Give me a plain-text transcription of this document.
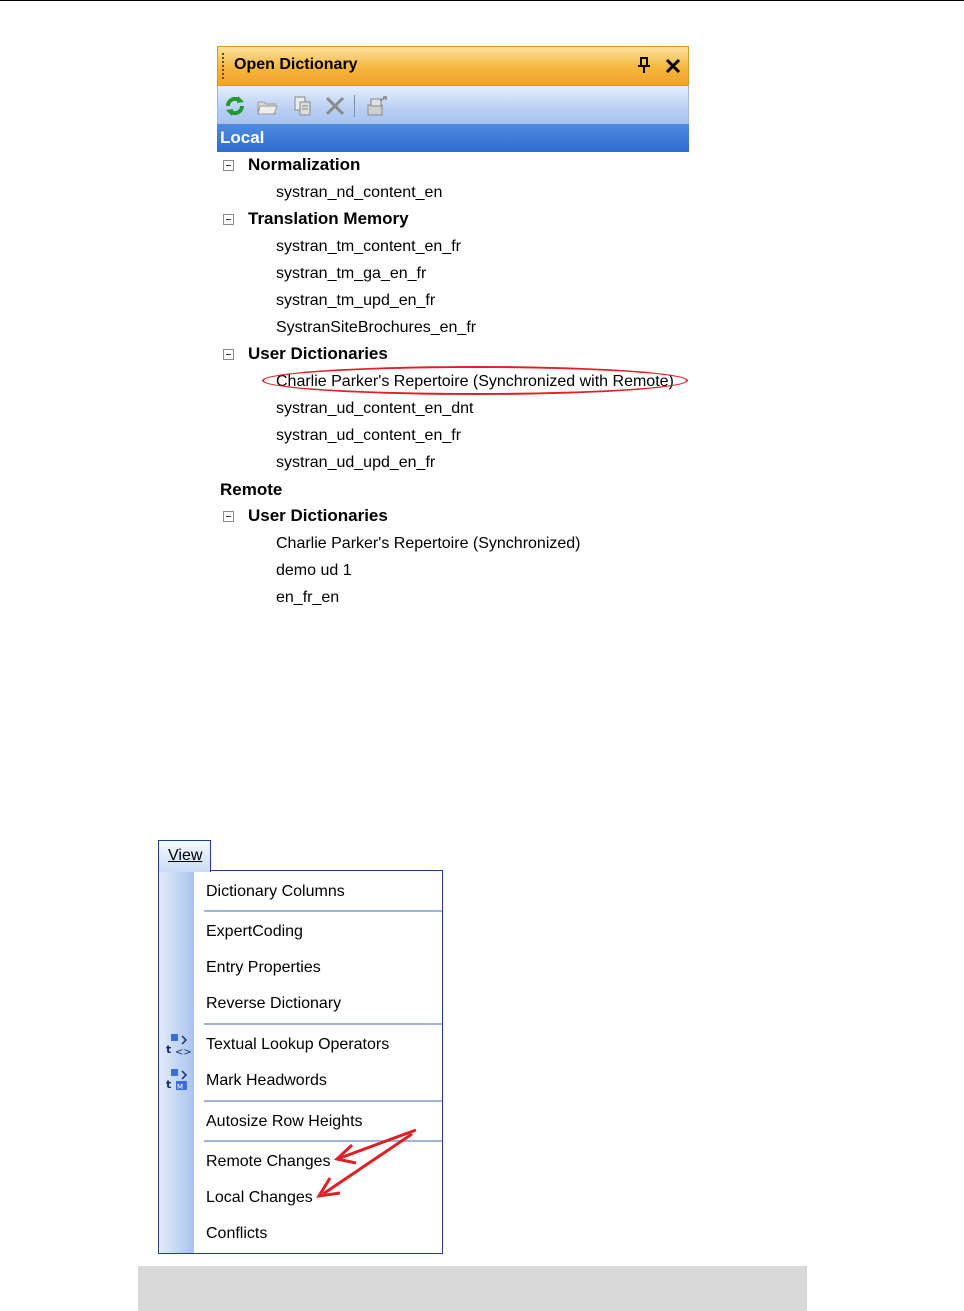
Open Dictionary
Local
Normalization
systran_nd_content_en
Translation Memory
systran_tm_content_en_fr
systran_tm_ga_en_fr
systran_tm_upd_en_fr
SystranSiteBrochures_en_fr
User Dictionaries
Charlie Parker's Repertoire (Synchronized with Remote)
systran_ud_content_en_dnt
systran_ud_content_en_fr
systran_ud_upd_en_fr
Remote
User Dictionaries
Charlie Parker's Repertoire (Synchronized)
demo ud 1
en_fr_en
View
Dictionary Columns
ExpertCoding
Entry Properties
Reverse Dictionary
t <> Textual Lookup Operators
t M Mark Headwords
Autosize Row Heights
Remote Changes
Local Changes
Conflicts
